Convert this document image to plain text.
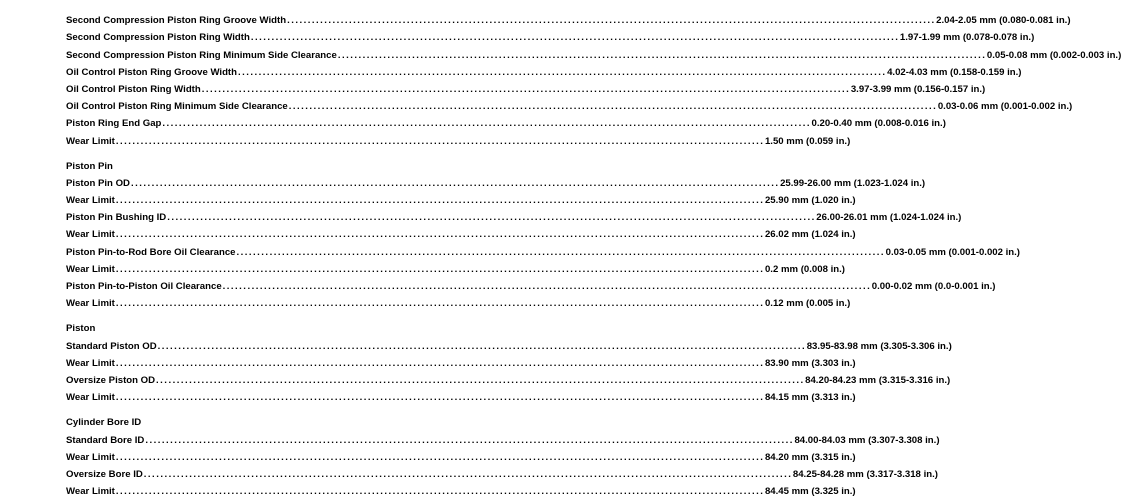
Second Compression Piston Ring Groove Width . . .	2.04-2.05 mm (0.080-0.081 in.)
Second Compression Piston Ring Width . . .	1.97-1.99 mm (0.078-0.078 in.)
Second Compression Piston Ring Minimum Side Clearance . . .	0.05-0.08 mm (0.002-0.003 in.)
Oil Control Piston Ring Groove Width . . .	4.02-4.03 mm (0.158-0.159 in.)
Oil Control Piston Ring Width . . .	3.97-3.99 mm (0.156-0.157 in.)
Oil Control Piston Ring Minimum Side Clearance . . .	0.03-0.06 mm (0.001-0.002 in.)
Piston Ring End Gap . . .	0.20-0.40 mm (0.008-0.016 in.)
Wear Limit . . .	1.50 mm (0.059 in.)
Piston Pin
Piston Pin OD . . .	25.99-26.00 mm (1.023-1.024 in.)
Wear Limit . . .	25.90 mm (1.020 in.)
Piston Pin Bushing ID . . .	26.00-26.01 mm (1.024-1.024 in.)
Wear Limit . . .	26.02 mm (1.024 in.)
Piston Pin-to-Rod Bore Oil Clearance . . .	0.03-0.05 mm (0.001-0.002 in.)
Wear Limit . . .	0.2 mm (0.008 in.)
Piston Pin-to-Piston Oil Clearance . . .	0.00-0.02 mm (0.0-0.001 in.)
Wear Limit . . .	0.12 mm (0.005 in.)
Piston
Standard Piston OD . . .	83.95-83.98 mm (3.305-3.306 in.)
Wear Limit . . .	83.90 mm (3.303 in.)
Oversize Piston OD . . .	84.20-84.23 mm (3.315-3.316 in.)
Wear Limit . . .	84.15 mm (3.313 in.)
Cylinder Bore ID
Standard Bore ID . . .	84.00-84.03 mm (3.307-3.308 in.)
Wear Limit . . .	84.20 mm (3.315 in.)
Oversize Bore ID . . .	84.25-84.28 mm (3.317-3.318 in.)
Wear Limit . . .	84.45 mm (3.325 in.)
